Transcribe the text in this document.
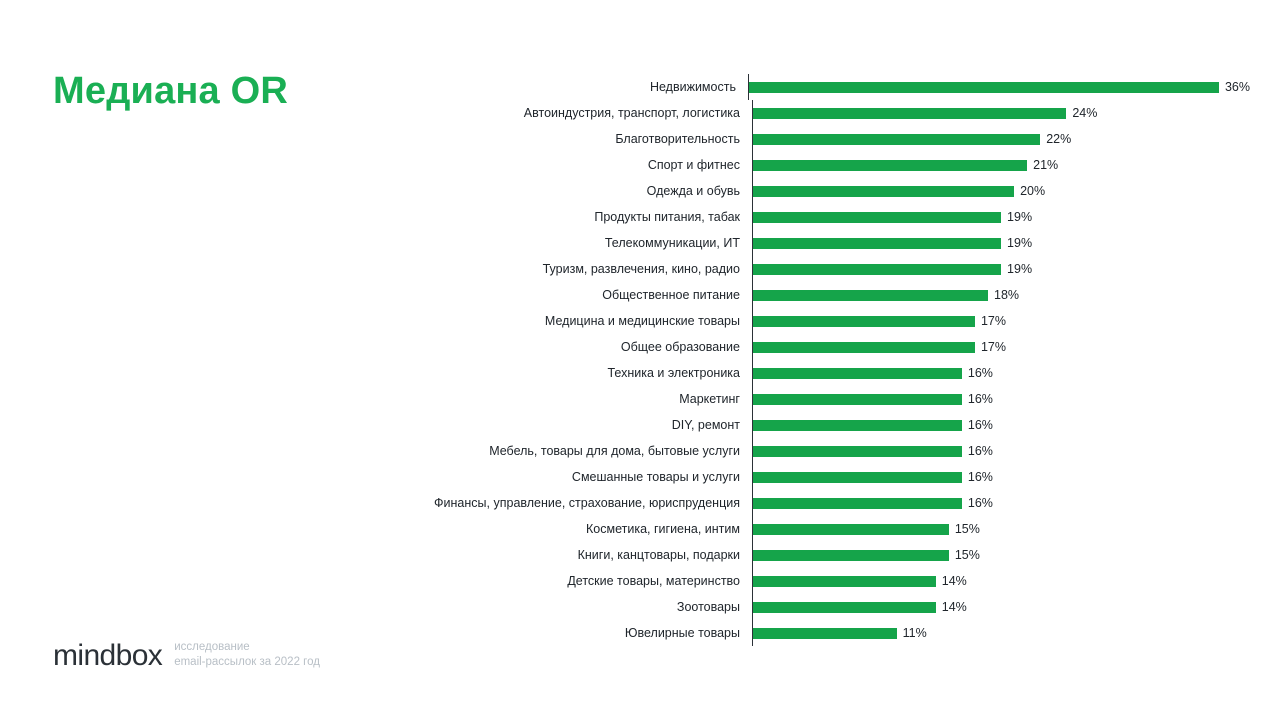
Медиана OR	Недвижимость	36%
Автоиндустрия, транспорт, логистика	24%
Благотворительность	22%
Спорт и фитнес	21%
Одежда и обувь	20%
Продукты питания, табак	19%
Телекоммуникации, ИТ	19%
Туризм, развлечения, кино, радио	19%
Общественное питание	18%
Медицина и медицинские товары	17%
Общее образование	17%
Техника и электроника	16%
Маркетинг	16%
DIY, ремонт	16%
Мебель, товары для дома, бытовые услуги	16%
Смешанные товары и услуги	16%
Финансы, управление, страхование, юриспруденция	16%
Косметика, гигиена, интим	15%
Книги, канцтовары, подарки	15%
Детские товары, материнство	14%
Зоотовары	14%
Ювелирные товары	11%
mindbox исследование
email-рассылок за 2022 год
